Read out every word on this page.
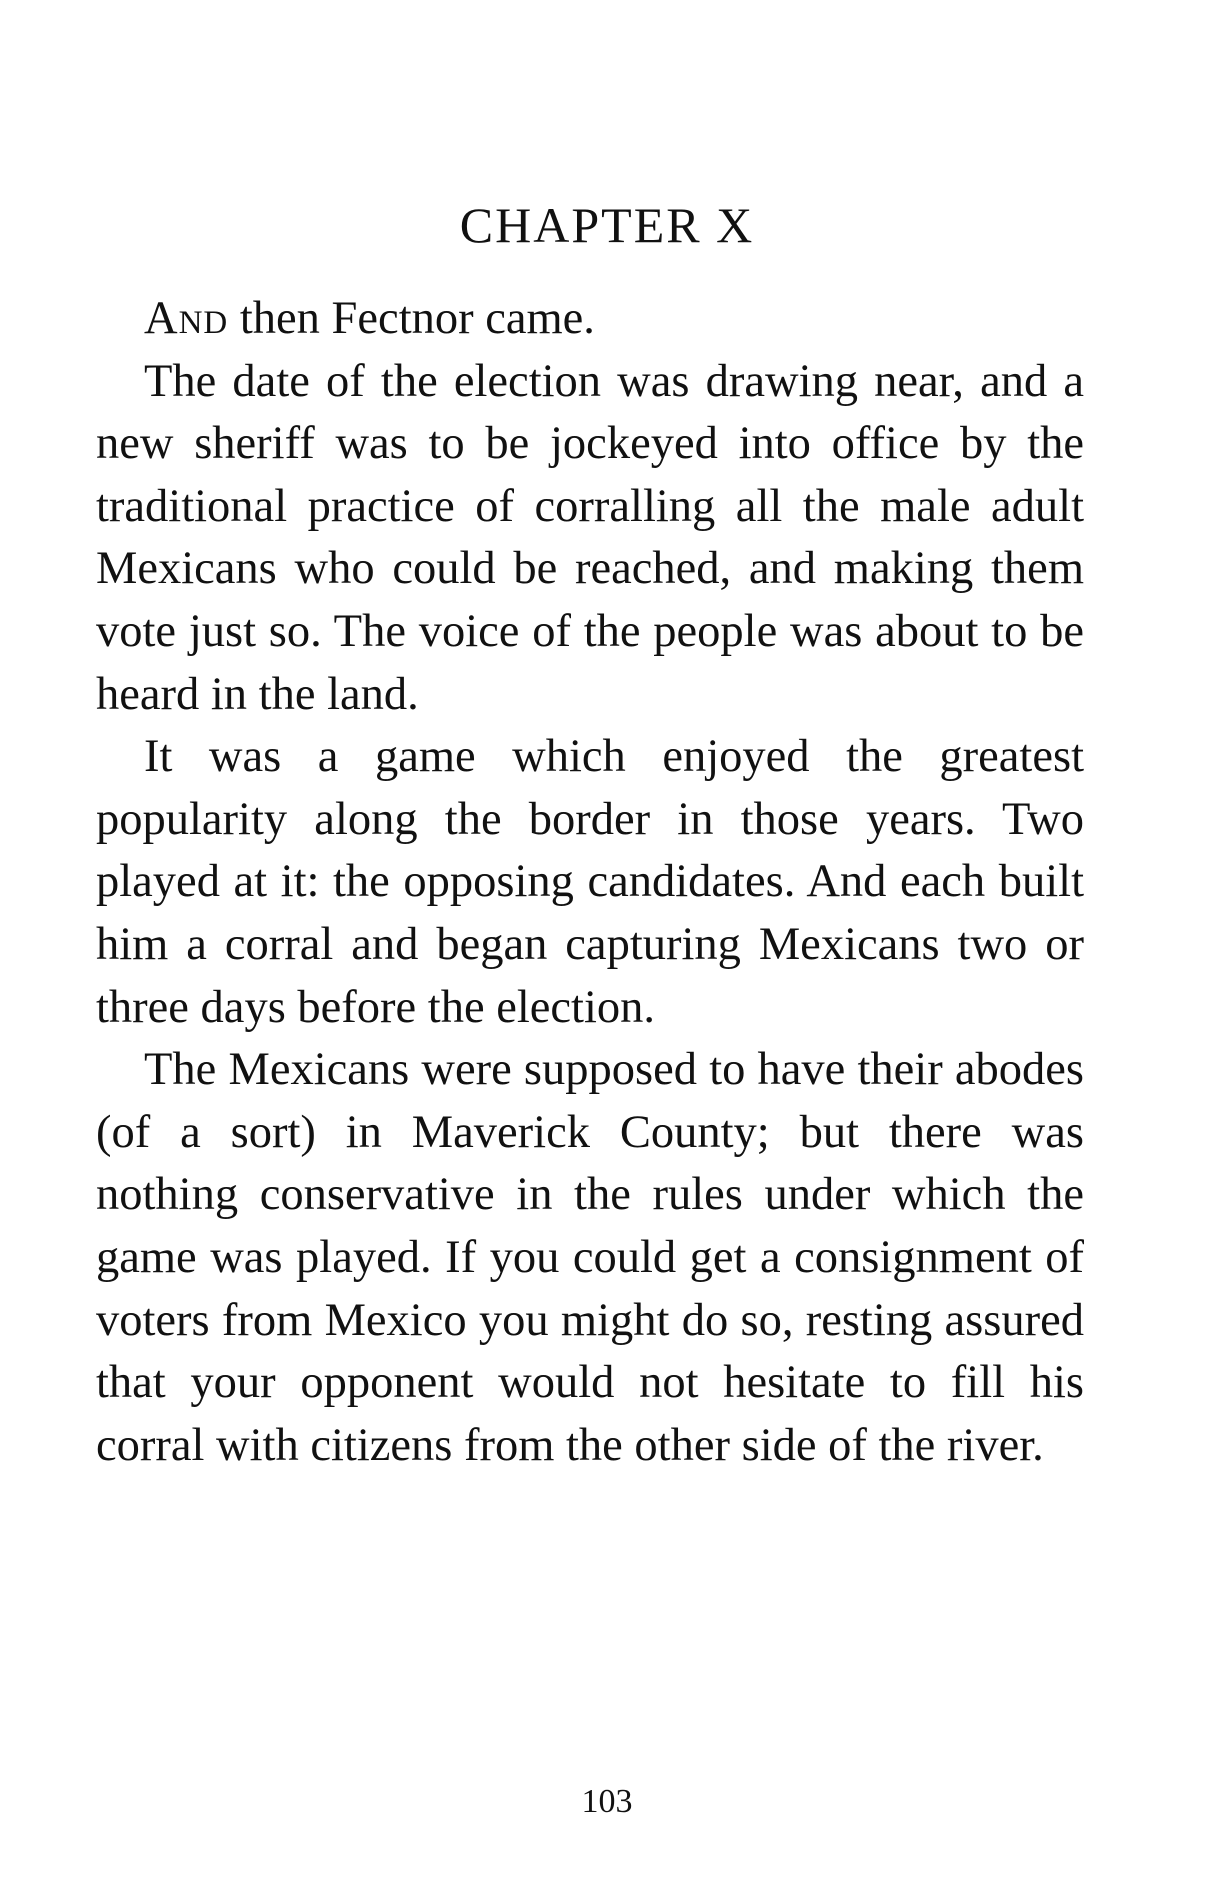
CHAPTER X

And then Fectnor came.

The date of the election was drawing near, and a new sheriff was to be jockeyed into office by the traditional practice of corralling all the male adult Mexicans who could be reached, and making them vote just so. The voice of the people was about to be heard in the land.

It was a game which enjoyed the greatest popularity along the border in those years. Two played at it: the opposing candidates. And each built him a corral and began capturing Mexicans two or three days before the election.

The Mexicans were supposed to have their abodes (of a sort) in Maverick County; but there was nothing conservative in the rules under which the game was played. If you could get a consignment of voters from Mexico you might do so, resting assured that your opponent would not hesitate to fill his corral with citizens from the other side of the river.

103
